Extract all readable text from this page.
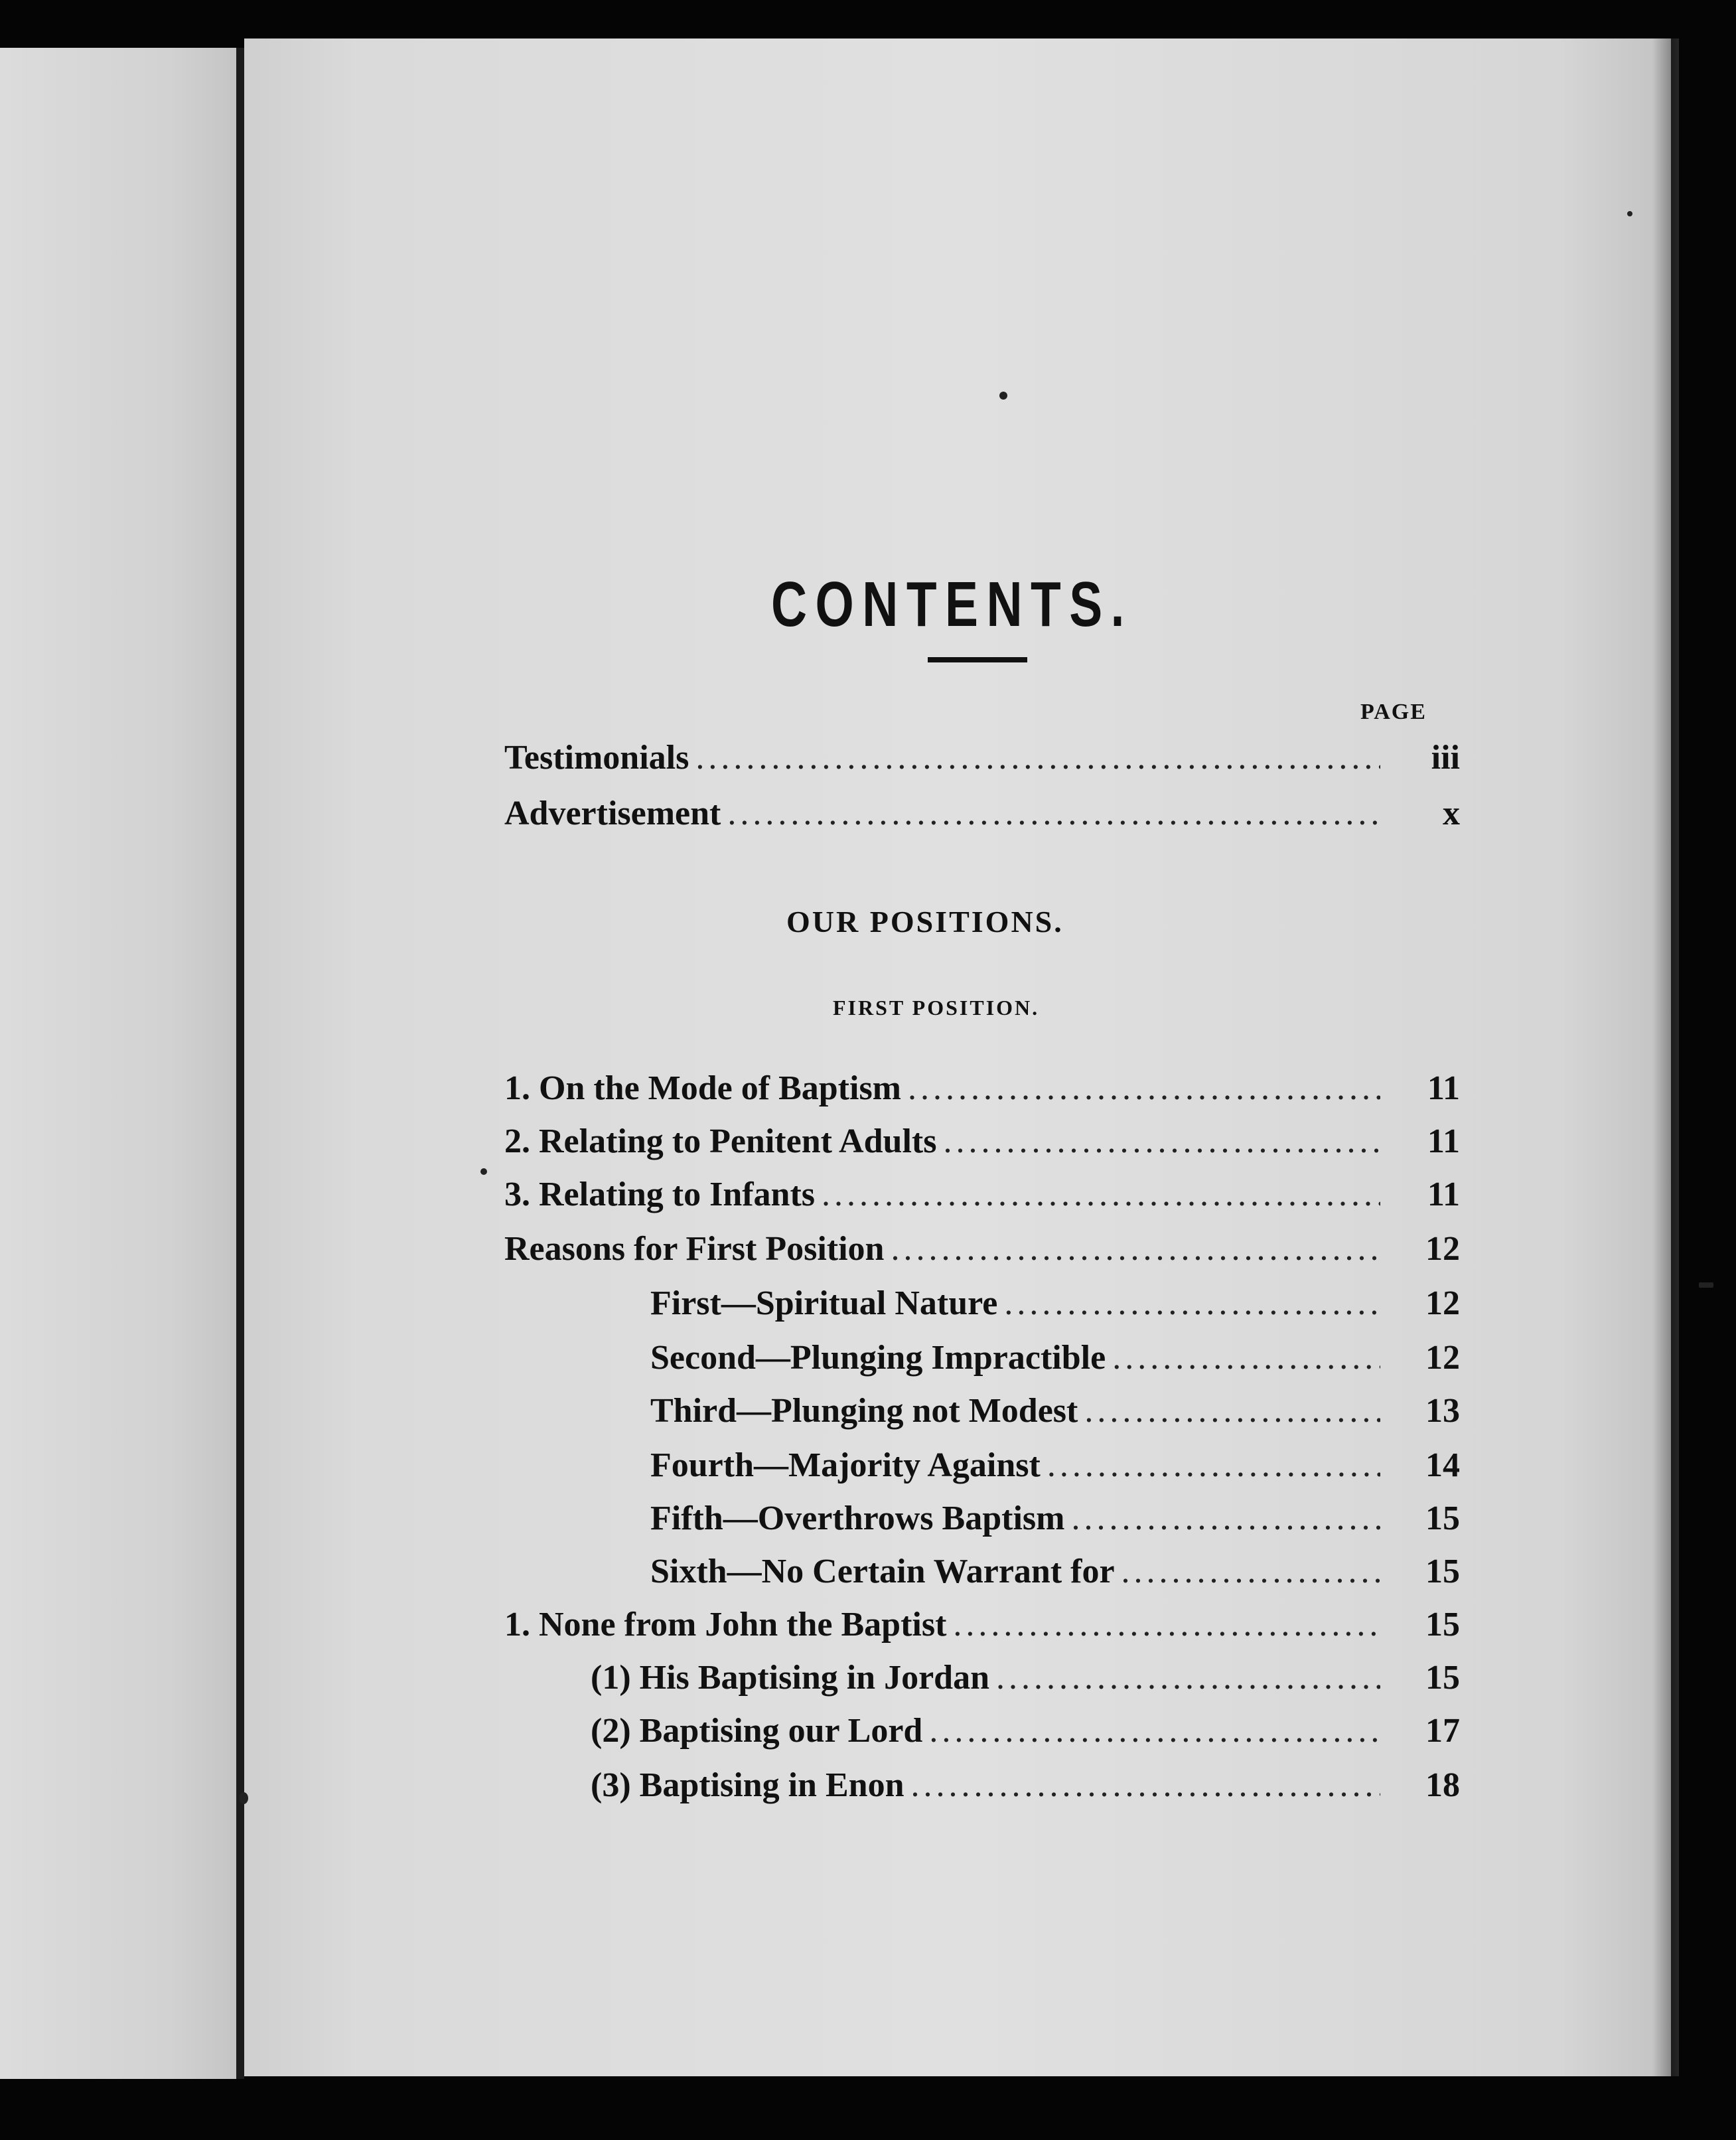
CONTENTS.
PAGE
Testimonials .....	iii
Advertisement .....	x
OUR POSITIONS.
FIRST POSITION.
1. On the Mode of Baptism .....	11
2. Relating to Penitent Adults .....	11
3. Relating to Infants .....	11
Reasons for First Position .....	12
First—Spiritual Nature .....	12
Second—Plunging Impractible .....	12
Third—Plunging not Modest .....	13
Fourth—Majority Against .....	14
Fifth—Overthrows Baptism .....	15
Sixth—No Certain Warrant for .....	15
1. None from John the Baptist .....	15
(1) His Baptising in Jordan .....	15
(2) Baptising our Lord .....	17
(3) Baptising in Enon .....	18
